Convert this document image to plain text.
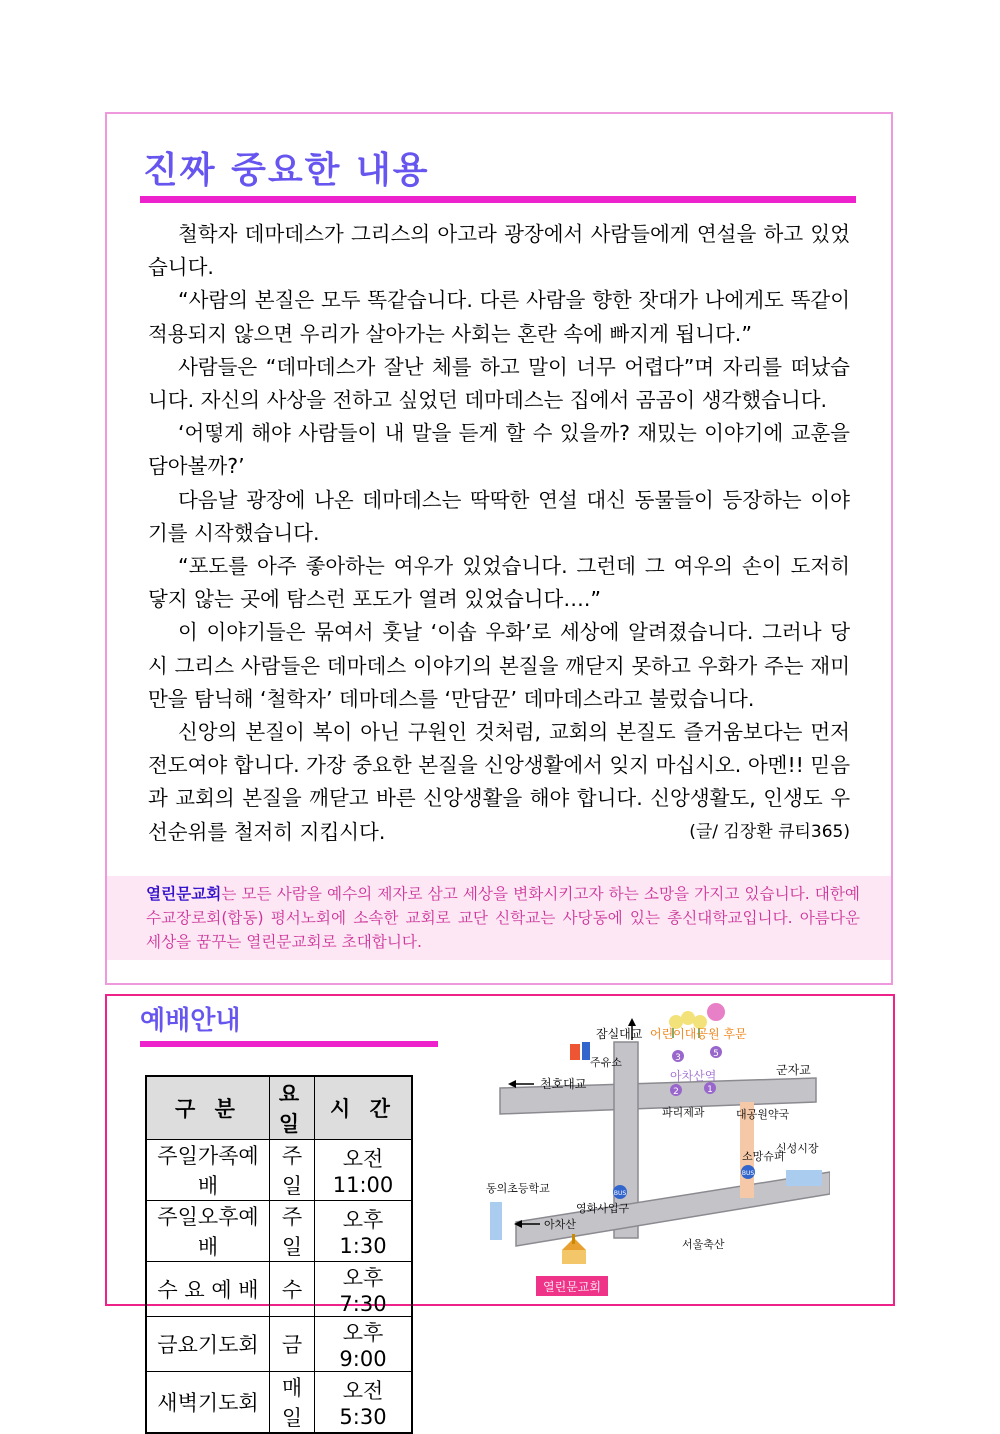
진짜 중요한 내용

철학자 데마데스가 그리스의 아고라 광장에서 사람들에게 연설을 하고 있었습니다.

“사람의 본질은 모두 똑같습니다. 다른 사람을 향한 잣대가 나에게도 똑같이 적용되지 않으면 우리가 살아가는 사회는 혼란 속에 빠지게 됩니다.”

사람들은 “데마데스가 잘난 체를 하고 말이 너무 어렵다”며 자리를 떠났습니다. 자신의 사상을 전하고 싶었던 데마데스는 집에서 곰곰이 생각했습니다.

‘어떻게 해야 사람들이 내 말을 듣게 할 수 있을까? 재밌는 이야기에 교훈을 담아볼까?’

다음날 광장에 나온 데마데스는 딱딱한 연설 대신 동물들이 등장하는 이야기를 시작했습니다.

“포도를 아주 좋아하는 여우가 있었습니다. 그런데 그 여우의 손이 도저히 닿지 않는 곳에 탐스런 포도가 열려 있었습니다….”

이 이야기들은 묶여서 훗날 ‘이솝 우화’로 세상에 알려졌습니다. 그러나 당시 그리스 사람들은 데마데스 이야기의 본질을 깨닫지 못하고 우화가 주는 재미만을 탐닉해 ‘철학자’ 데마데스를 ‘만담꾼’ 데마데스라고 불렀습니다.

신앙의 본질이 복이 아닌 구원인 것처럼, 교회의 본질도 즐거움보다는 먼저 전도여야 합니다. 가장 중요한 본질을 신앙생활에서 잊지 마십시오. 아멘!! 믿음과 교회의 본질을 깨닫고 바른 신앙생활을 해야 합니다. 신앙생활도, 인생도 우선순위를 철저히 지킵시다.	(글/ 김장환 큐티365)

열린문교회는 모든 사람을 예수의 제자로 삼고 세상을 변화시키고자 하는 소망을 가지고 있습니다. 대한예수교장로회(합동) 평서노회에 소속한 교회로 교단 신학교는 사당동에 있는 총신대학교입니다. 아름다운 세상을 꿈꾸는 열린문교회로 초대합니다.
예배안내
구 분	요일	시 간
주일가족예배	주일	오전11:00
주일오후예배	주일	오후 1:30
수 요 예 배	수	오후 7:30
금요기도회	금	오후 9:00
새벽기도회	매일	오전 5:30
3	5
2	1
BUS
BUS
잠실대교 어린이대공원 후문
주유소
군자교
천호대교
아차산역
파리제과	대공원약국
소망슈퍼
신성시장
동의초등학교
영화사입구
아차산
서울축산
열린문교회
